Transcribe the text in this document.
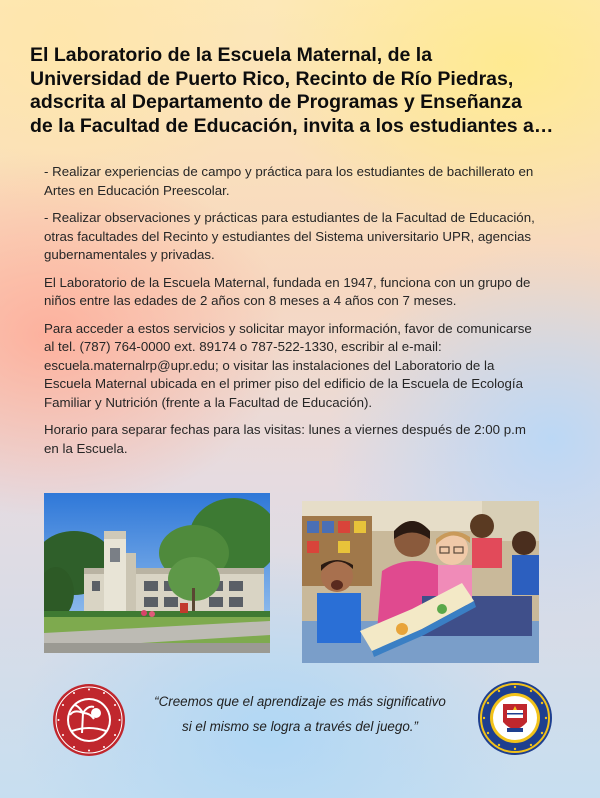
El Laboratorio de la Escuela Maternal, de la
Universidad de Puerto Rico, Recinto de Río Piedras,
adscrita al Departamento de Programas y Enseñanza
de la Facultad de Educación, invita a los estudiantes a…

- Realizar experiencias de campo y práctica para los estudiantes de bachillerato en Artes en Educación Preescolar.

- Realizar observaciones y prácticas para estudiantes de la Facultad de Educación, otras facultades del Recinto y estudiantes del Sistema universitario UPR, agencias gubernamentales y privadas.

El Laboratorio de la Escuela Maternal, fundada en 1947, funciona con un grupo de niños entre las edades de 2 años con 8 meses a 4 años con 7 meses.

Para acceder a estos servicios y solicitar mayor información, favor de comunicarse al tel. (787) 764-0000 ext. 89174 o 787-522-1330, escribir al e-mail: escuela.maternalrp@upr.edu; o visitar las instalaciones del Laboratorio de la Escuela Maternal ubicada en el primer piso del edificio de la Escuela de Ecología Familiar y Nutrición (frente a la Facultad de Educación).

Horario para separar fechas para las visitas: lunes a viernes después de 2:00 p.m en la Escuela.

“Creemos que el aprendizaje es más significativo
si el mismo se logra a través del juego.”
